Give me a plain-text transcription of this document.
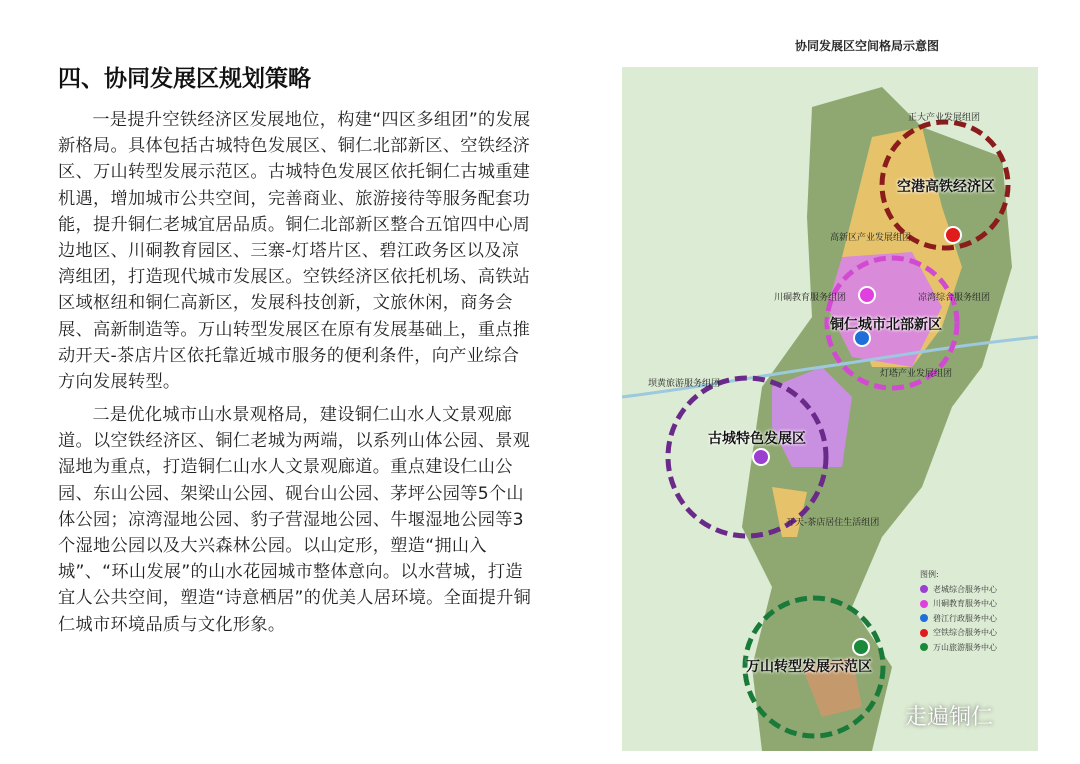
四、协同发展区规划策略
一是提升空铁经济区发展地位，构建“四区多组团”的发展新格局。具体包括古城特色发展区、铜仁北部新区、空铁经济区、万山转型发展示范区。古城特色发展区依托铜仁古城重建机遇，增加城市公共空间，完善商业、旅游接待等服务配套功能，提升铜仁老城宜居品质。铜仁北部新区整合五馆四中心周边地区、川硐教育园区、三寨-灯塔片区、碧江政务区以及凉湾组团，打造现代城市发展区。空铁经济区依托机场、高铁站区域枢纽和铜仁高新区，发展科技创新，文旅休闲，商务会展、高新制造等。万山转型发展区在原有发展基础上，重点推动开天-茶店片区依托靠近城市服务的便利条件，向产业综合方向发展转型。
二是优化城市山水景观格局，建设铜仁山水人文景观廊道。以空铁经济区、铜仁老城为两端，以系列山体公园、景观湿地为重点，打造铜仁山水人文景观廊道。重点建设仁山公园、东山公园、架梁山公园、砚台山公园、茅坪公园等5个山体公园；凉湾湿地公园、豹子营湿地公园、牛堰湿地公园等3个湿地公园以及大兴森林公园。以山定形，塑造“拥山入城”、“环山发展”的山水花园城市整体意向。以水营城，打造宜人公共空间，塑造“诗意栖居”的优美人居环境。全面提升铜仁城市环境品质与文化形象。
协同发展区空间格局示意图
空港高铁经济区
铜仁城市北部新区
古城特色发展区
万山转型发展示范区
正大产业发展组团
高新区产业发展组团
川硐教育服务组团	凉湾综合服务组团
灯塔产业发展组团
坝黄旅游服务组团
开天-茶店居住生活组团
图例:
老城综合服务中心
川硐教育服务中心
碧江行政服务中心
空铁综合服务中心
万山旅游服务中心
走遍铜仁
